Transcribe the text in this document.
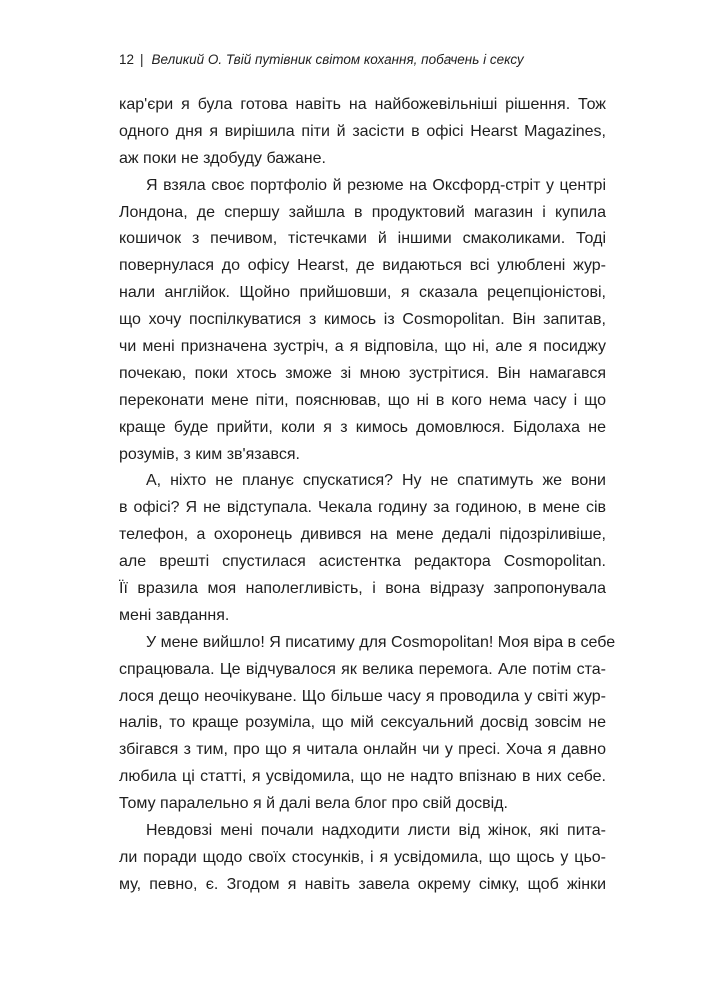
12 | Великий О. Твій путівник світом кохання, побачень і сексу
кар'єри я була готова навіть на найбожевільніші рішення. Тож
одного дня я вирішила піти й засісти в офісі Hearst Magazines,
аж поки не здобуду бажане.
Я взяла своє портфоліо й резюме на Оксфорд-стріт у центрі
Лондона, де спершу зайшла в продуктовий магазин і купила
кошичок з печивом, тістечками й іншими смаколиками. Тоді
повернулася до офісу Hearst, де видаються всі улюблені жур-
нали англійок. Щойно прийшовши, я сказала рецепціоністові,
що хочу поспілкуватися з кимось із Cosmopolitan. Він запитав,
чи мені призначена зустріч, а я відповіла, що ні, але я посиджу
почекаю, поки хтось зможе зі мною зустрітися. Він намагався
переконати мене піти, пояснював, що ні в кого нема часу і що
краще буде прийти, коли я з кимось домовлюся. Бідолаха не
розумів, з ким зв'язався.
А, ніхто не планує спускатися? Ну не спатимуть же вони
в офісі? Я не відступала. Чекала годину за годиною, в мене сів
телефон, а охоронець дивився на мене дедалі підозріливіше,
але врешті спустилася асистентка редактора Cosmopolitan.
Її вразила моя наполегливість, і вона відразу запропонувала
мені завдання.
У мене вийшло! Я писатиму для Cosmopolitan! Моя віра в себе
спрацювала. Це відчувалося як велика перемога. Але потім ста-
лося дещо неочікуване. Що більше часу я проводила у світі жур-
налів, то краще розуміла, що мій сексуальний досвід зовсім не
збігався з тим, про що я читала онлайн чи у пресі. Хоча я давно
любила ці статті, я усвідомила, що не надто впізнаю в них себе.
Тому паралельно я й далі вела блог про свій досвід.
Невдовзі мені почали надходити листи від жінок, які пита-
ли поради щодо своїх стосунків, і я усвідомила, що щось у цьо-
му, певно, є. Згодом я навіть завела окрему сімку, щоб жінки
